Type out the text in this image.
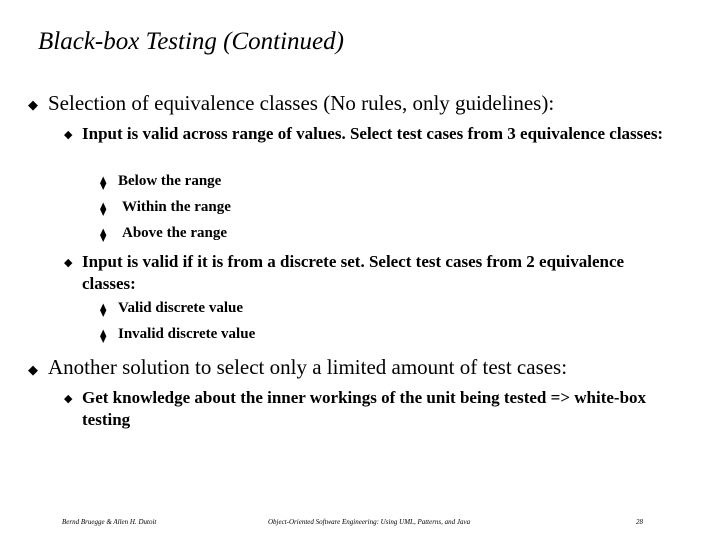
Black-box Testing (Continued)
◆ Selection of equivalence classes (No rules, only guidelines):
◆ Input is valid across range of values. Select test cases from 3 equivalence classes:
⧫ Below the range
⧫ Within the range
⧫ Above the range
◆ Input is valid if it is from a discrete set. Select test cases from 2 equivalence classes:
⧫ Valid discrete value
⧫ Invalid discrete value
◆ Another solution to select only a limited amount of test cases:
◆ Get knowledge about the inner workings of the unit being tested => white-box testing
Bernd Bruegge & Allen H. Dutoit	Object-Oriented Software Engineering: Using UML, Patterns, and Java	28
